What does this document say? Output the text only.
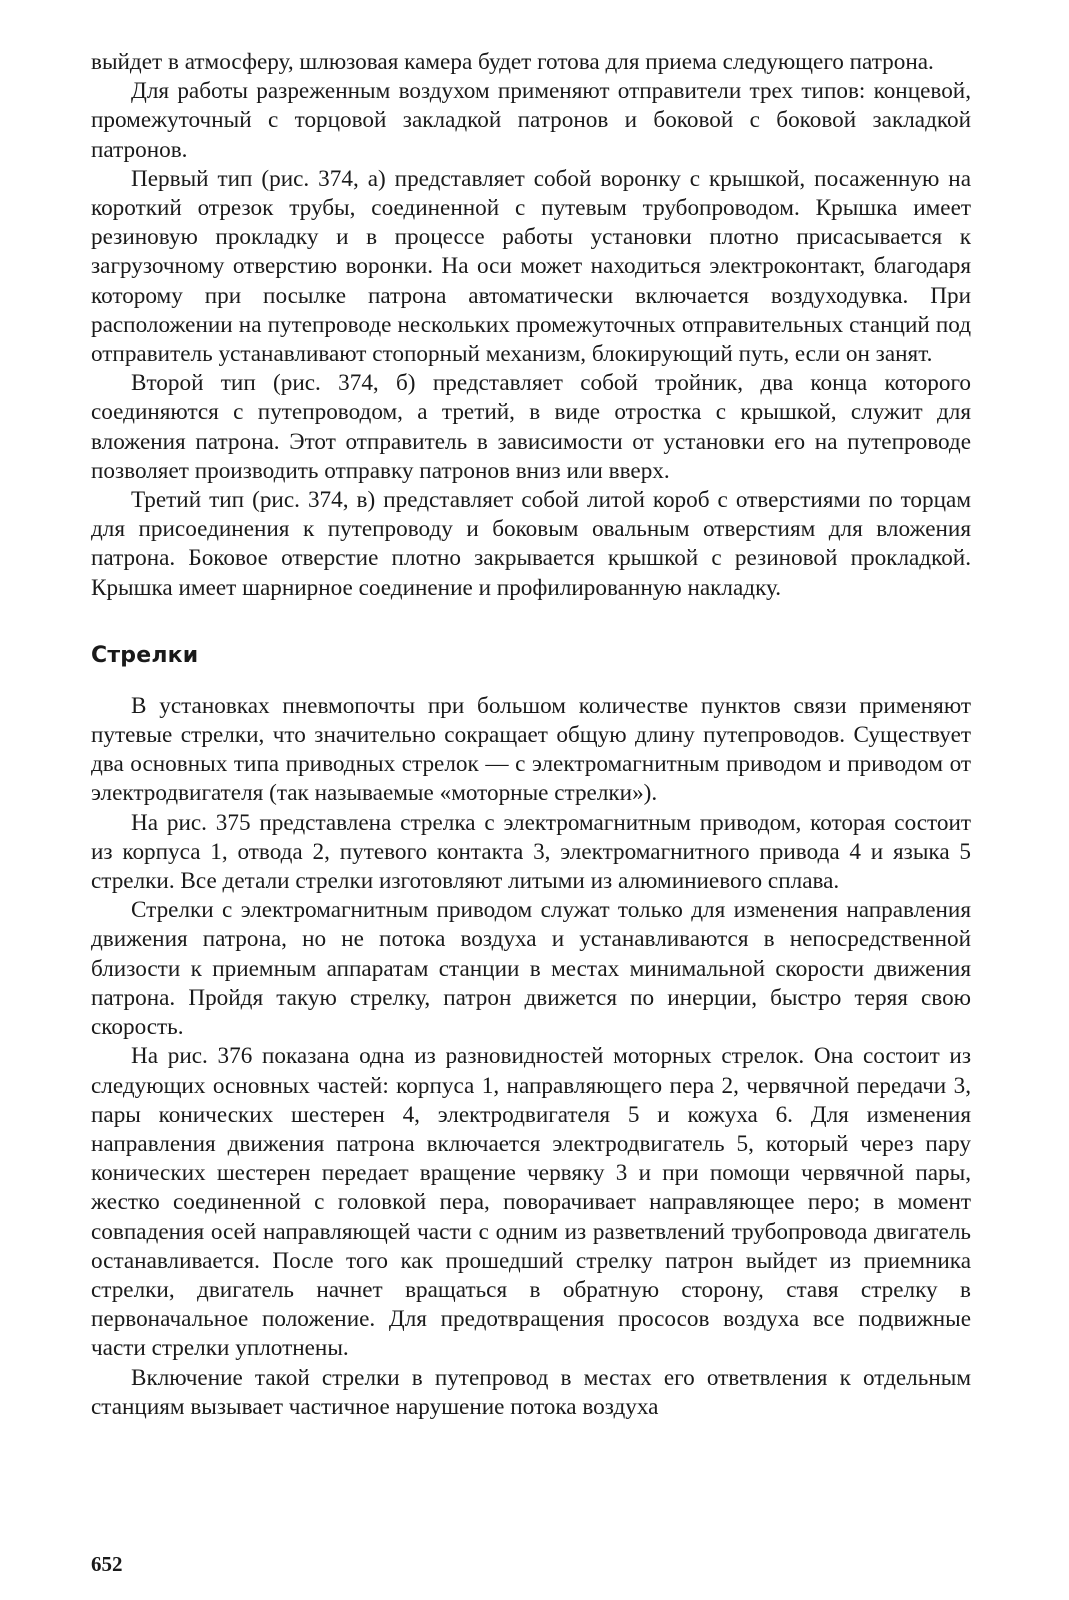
выйдет в атмосферу, шлюзовая камера будет готова для приема следующего патрона.

Для работы разреженным воздухом применяют отправители трех типов: концевой, промежуточный с торцовой закладкой патронов и боковой с боковой закладкой патронов.

Первый тип (рис. 374, а) представляет собой воронку с крышкой, посаженную на короткий отрезок трубы, соединенной с путевым трубопроводом. Крышка имеет резиновую прокладку и в процессе работы установки плотно присасывается к загрузочному отверстию воронки. На оси может находиться электроконтакт, благодаря которому при посылке патрона автоматически включается воздуходувка. При расположении на путепроводе нескольких промежуточных отправительных станций под отправитель устанавливают стопорный механизм, блокирующий путь, если он занят.

Второй тип (рис. 374, б) представляет собой тройник, два конца которого соединяются с путепроводом, а третий, в виде отростка с крышкой, служит для вложения патрона. Этот отправитель в зависимости от установки его на путепроводе позволяет производить отправку патронов вниз или вверх.

Третий тип (рис. 374, в) представляет собой литой короб с отверстиями по торцам для присоединения к путепроводу и боковым овальным отверстиям для вложения патрона. Боковое отверстие плотно закрывается крышкой с резиновой прокладкой. Крышка имеет шарнирное соединение и профилированную накладку.

Стрелки

В установках пневмопочты при большом количестве пунктов связи применяют путевые стрелки, что значительно сокращает общую длину путепроводов. Существует два основных типа приводных стрелок — с электромагнитным приводом и приводом от электродвигателя (так называемые «моторные стрелки»).

На рис. 375 представлена стрелка с электромагнитным приводом, которая состоит из корпуса 1, отвода 2, путевого контакта 3, электромагнитного привода 4 и языка 5 стрелки. Все детали стрелки изготовляют литыми из алюминиевого сплава.

Стрелки с электромагнитным приводом служат только для изменения направления движения патрона, но не потока воздуха и устанавливаются в непосредственной близости к приемным аппаратам станции в местах минимальной скорости движения патрона. Пройдя такую стрелку, патрон движется по инерции, быстро теряя свою скорость.

На рис. 376 показана одна из разновидностей моторных стрелок. Она состоит из следующих основных частей: корпуса 1, направляющего пера 2, червячной передачи 3, пары конических шестерен 4, электродвигателя 5 и кожуха 6. Для изменения направления движения патрона включается электродвигатель 5, который через пару конических шестерен передает вращение червяку 3 и при помощи червячной пары, жестко соединенной с головкой пера, поворачивает направляющее перо; в момент совпадения осей направляющей части с одним из разветвлений трубопровода двигатель останавливается. После того как прошедший стрелку патрон выйдет из приемника стрелки, двигатель начнет вращаться в обратную сторону, ставя стрелку в первоначальное положение. Для предотвращения прососов воздуха все подвижные части стрелки уплотнены.

Включение такой стрелки в путепровод в местах его ответвления к отдельным станциям вызывает частичное нарушение потока воздуха

652
